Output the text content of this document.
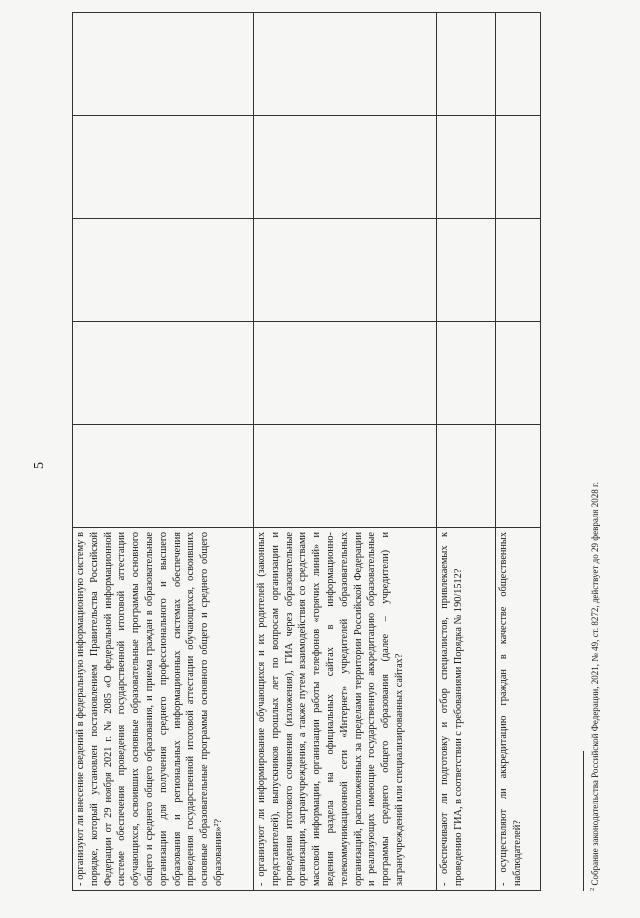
5
- организуют ли внесение сведений в федеральную информационную систему в порядке, который установлен постановлением Правительства Российской Федерации от 29 ноября 2021 г. № 2085 «О федеральной информационной системе обеспечения проведения государственной итоговой аттестации обучающихся, освоивших основные образовательные программы основного общего и среднего общего образования, и приема граждан в образовательные организации для получения среднего профессионального и высшего образования и региональных информационных системах обеспечения проведения государственной итоговой аттестации обучающихся, освоивших основные образовательные программы основного общего и среднего общего образования»²?					
- организуют ли информирование обучающихся и их родителей (законных представителей), выпускников прошлых лет по вопросам организации и проведения итогового сочинения (изложения), ГИА через образовательные организации, загранучреждения, а также путем взаимодействия со средствами массовой информации, организации работы телефонов «горячих линий» и ведения раздела на официальных сайтах в информационно-телекоммуникационной сети «Интернет» учредителей образовательных организаций, расположенных за пределами территории Российской Федерации и реализующих имеющие государственную аккредитацию образовательные программы среднего общего образования (далее – учредители) и загранучреждений или специализированных сайтах?					
- обеспечивают ли подготовку и отбор специалистов, привлекаемых к проведению ГИА, в соответствии с требованиями Порядка № 190/1512?					
- осуществляют ли аккредитацию граждан в качестве общественных наблюдателей?					
$^2$ Собрание законодательства Российской Федерации, 2021, № 49, ст. 8272, действует до 29 февраля 2028 г.
